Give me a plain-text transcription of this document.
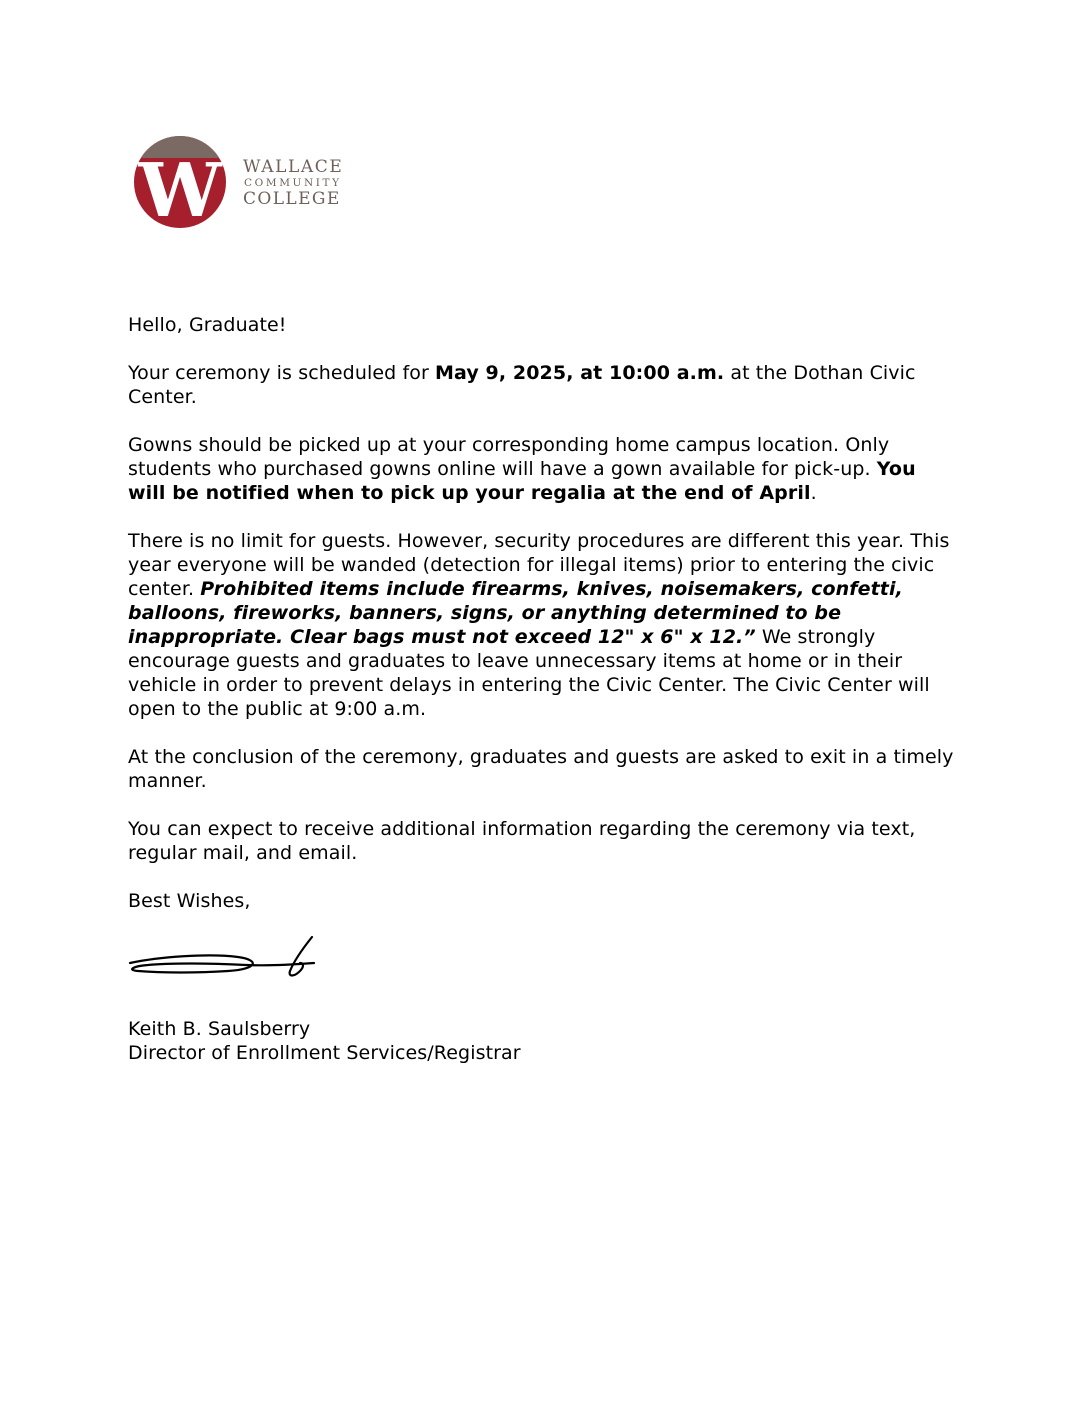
W WALLACE
COMMUNITY
COLLEGE

Hello, Graduate!

Your ceremony is scheduled for May 9, 2025, at 10:00 a.m. at the Dothan Civic Center.

Gowns should be picked up at your corresponding home campus location. Only students who purchased gowns online will have a gown available for pick-up. You will be notified when to pick up your regalia at the end of April.

There is no limit for guests. However, security procedures are different this year. This year everyone will be wanded (detection for illegal items) prior to entering the civic center. Prohibited items include firearms, knives, noisemakers, confetti, balloons, fireworks, banners, signs, or anything determined to be inappropriate. Clear bags must not exceed 12" x 6" x 12.” We strongly encourage guests and graduates to leave unnecessary items at home or in their vehicle in order to prevent delays in entering the Civic Center. The Civic Center will open to the public at 9:00 a.m.

At the conclusion of the ceremony, graduates and guests are asked to exit in a timely manner.

You can expect to receive additional information regarding the ceremony via text, regular mail, and email.

Best Wishes,

Keith B. Saulsberry
Director of Enrollment Services/Registrar
